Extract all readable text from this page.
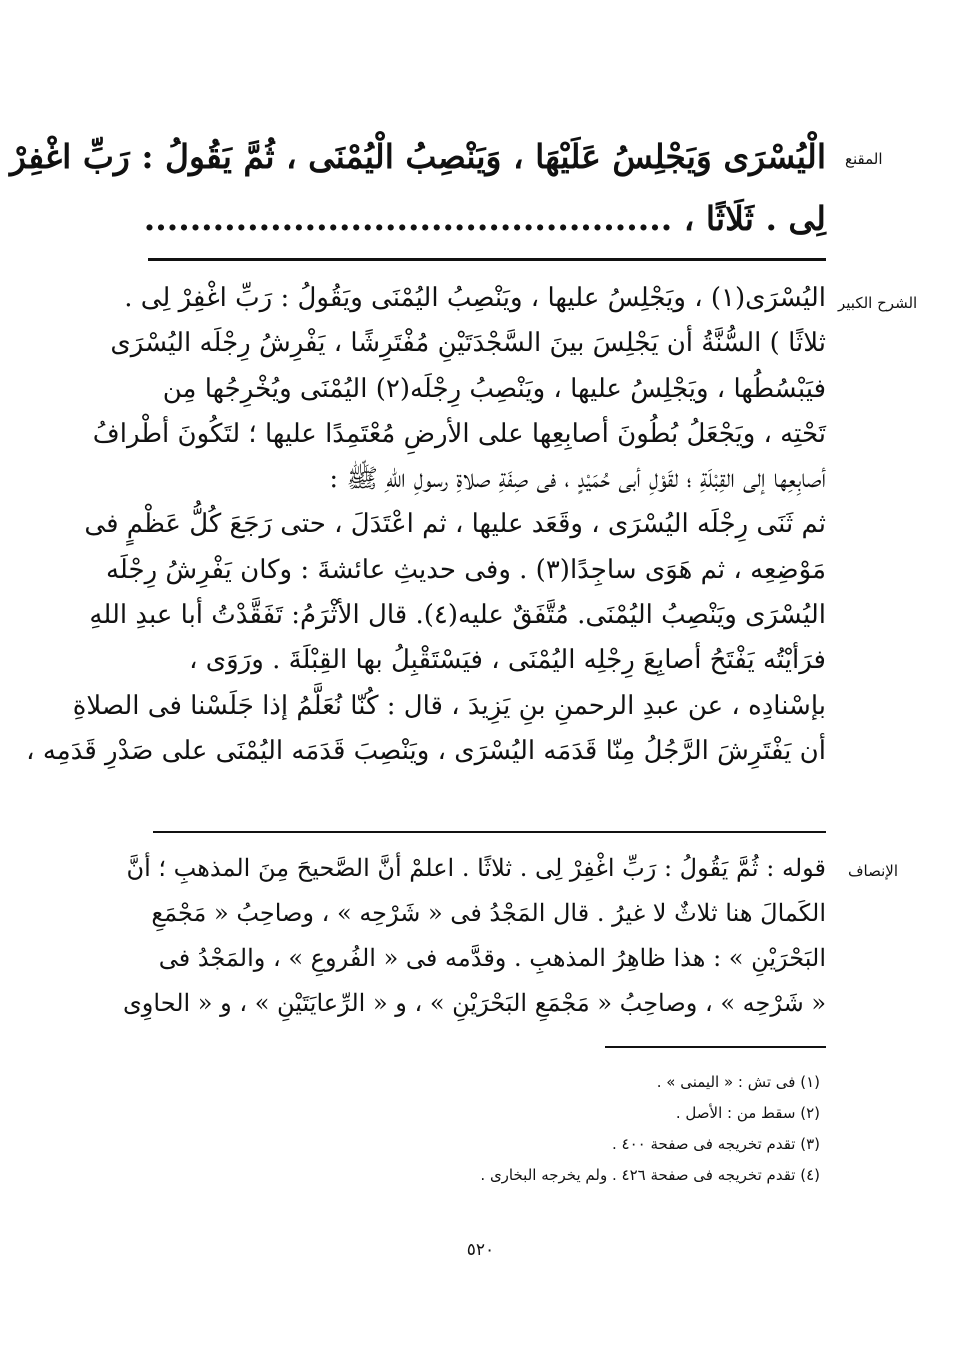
المقنع
الْيُسْرَى وَيَجْلِسُ عَلَيْهَا ، وَيَنْصِبُ الْيُمْنَى ، ثُمَّ يَقُولُ : رَبِّ اغْفِرْ
لِى . ثَلَاثًا ، ..............................................
الشرح الكبير
اليُسْرَى(١) ، ويَجْلِسُ عليها ، ويَنْصِبُ اليُمْنَى ويَقُولُ : رَبِّ اغْفِرْ لِى .
ثلاثًا ) السُّنَّةُ أن يَجْلِسَ بينَ السَّجْدَتَيْنِ مُفْتَرِشًا ، يَفْرِشُ رِجْلَه اليُسْرَى
فيَبْسُطُها ، ويَجْلِسُ عليها ، ويَنْصِبُ رِجْلَه(٢) اليُمْنَى ويُخْرِجُها مِن
تَحْتِه ، ويَجْعَلُ بُطُونَ أصابِعِها على الأرضِ مُعْتَمِدًا عليها ؛ لتَكُونَ أطْرافُ
أصابِعِها إلى القِبْلَةِ ؛ لقَوْلِ أبى حُمَيْدٍ ، فى صِفَةِ صلاةِ رسولِ اللهِ ﷺ :
ثم ثَنَى رِجْلَه اليُسْرَى ، وقَعَد عليها ، ثم اعْتَدَلَ ، حتى رَجَعَ كُلُّ عَظْمٍ فى
مَوْضِعِه ، ثم هَوَى ساجِدًا(٣) . وفى حديثِ عائشةَ : وكان يَفْرِشُ رِجْلَه
اليُسْرَى ويَنْصِبُ اليُمْنَى. مُتَّفَقٌ عليه(٤). قال الأثْرَمُ: تَفَقَّدْتُ أبا عبدِ اللهِ
فرَأيْتُه يَفْتَحُ أصابِعَ رِجْلِه اليُمْنَى ، فيَسْتَقْبِلُ بها القِبْلَةَ . ورَوَى ،
بإسْنادِه ، عن عبدِ الرحمنِ بنِ يَزِيدَ ، قال : كُنّا نُعَلَّمُ إذا جَلَسْنا فى الصلاةِ
أن يَفْتَرِشَ الرَّجُلُ مِنّا قَدَمَه اليُسْرَى ، ويَنْصِبَ قَدَمَه اليُمْنَى على صَدْرِ قَدَمِه ،
الإنصاف
قوله : ثُمَّ يَقُولُ : رَبِّ اغْفِرْ لِى . ثلاثًا . اعلمْ أنَّ الصَّحيحَ مِنَ المذهبِ ؛ أنَّ
الكَمالَ هنا ثلاثٌ لا غيرُ . قال المَجْدُ فى « شَرْحِه » ، وصاحِبُ « مَجْمَعِ
البَحْرَيْنِ » : هذا ظاهِرُ المذهبِ . وقدَّمه فى « الفُروعِ » ، والمَجْدُ فى
« شَرْحِه » ، وصاحِبُ « مَجْمَعِ البَحْرَيْنِ » ، و « الرِّعايَتَيْنِ » ، و « الحاوِى
(١) فى تش : « اليمنى » .
(٢) سقط من : الأصل .
(٣) تقدم تخريجه فى صفحة ٤٠٠ .
(٤) تقدم تخريجه فى صفحة ٤٢٦ . ولم يخرجه البخارى .
٥٢٠
